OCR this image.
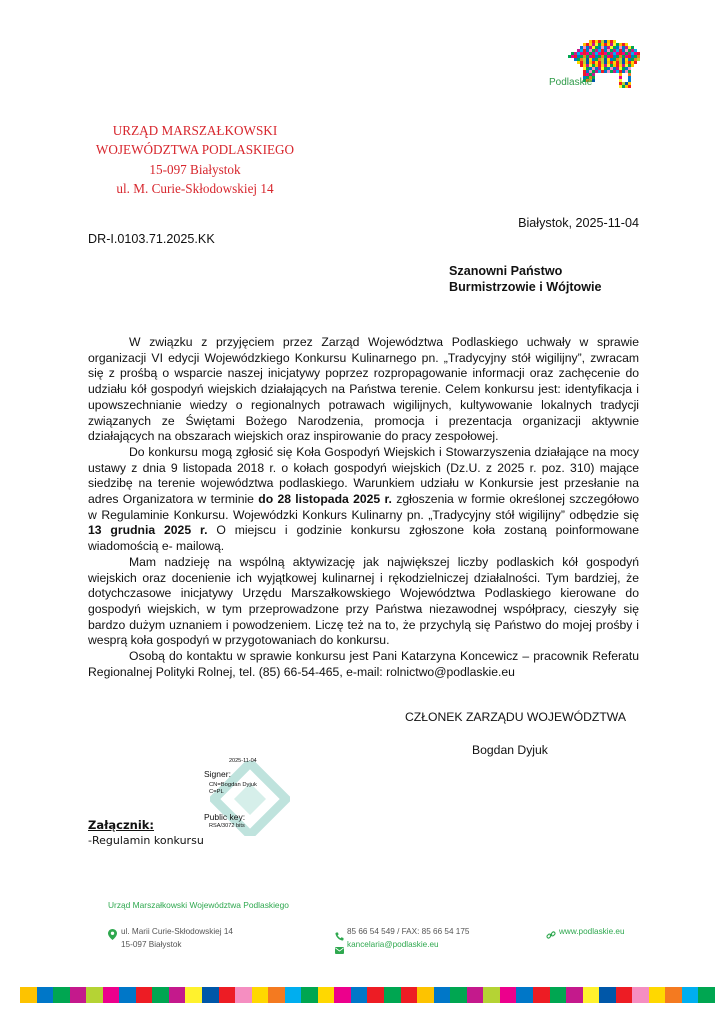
Podlaskie
URZĄD MARSZAŁKOWSKI
WOJEWÓDZTWA PODLASKIEGO
15-097 Białystok
ul. M. Curie-Skłodowskiej 14
Białystok, 2025-11-04
DR-I.0103.71.2025.KK
Szanowni Państwo
Burmistrzowie i Wójtowie

W związku z przyjęciem przez Zarząd Województwa Podlaskiego uchwały w sprawie organizacji VI edycji Wojewódzkiego Konkursu Kulinarnego pn. „Tradycyjny stół wigilijny”, zwracam się z prośbą o wsparcie naszej inicjatywy poprzez rozpropagowanie informacji oraz zachęcenie do udziału kół gospodyń wiejskich działających na Państwa terenie. Celem konkursu jest: identyfikacja i upowszechnianie wiedzy o regionalnych potrawach wigilijnych, kultywowanie lokalnych tradycji związanych ze Świętami Bożego Narodzenia, promocja i prezentacja organizacji aktywnie działających na obszarach wiejskich oraz inspirowanie do pracy zespołowej.

Do konkursu mogą zgłosić się Koła Gospodyń Wiejskich i Stowarzyszenia działające na mocy ustawy z dnia 9 listopada 2018 r. o kołach gospodyń wiejskich (Dz.U. z 2025 r. poz. 310) mające siedzibę na terenie województwa podlaskiego. Warunkiem udziału w Konkursie jest przesłanie na adres Organizatora w terminie do 28 listopada 2025 r. zgłoszenia w formie określonej szczegółowo w Regulaminie Konkursu. Wojewódzki Konkurs Kulinarny pn. „Tradycyjny stół wigilijny” odbędzie się 13 grudnia 2025 r. O miejscu i godzinie konkursu zgłoszone koła zostaną poinformowane wiadomością e- mailową.

Mam nadzieję na wspólną aktywizację jak największej liczby podlaskich kół gospodyń wiejskich oraz docenienie ich wyjątkowej kulinarnej i rękodzielniczej działalności. Tym bardziej, że dotychczasowe inicjatywy Urzędu Marszałkowskiego Województwa Podlaskiego kierowane do gospodyń wiejskich, w tym przeprowadzone przy Państwa niezawodnej współpracy, cieszyły się bardzo dużym uznaniem i powodzeniem. Liczę też na to, że przychylą się Państwo do mojej prośby i wesprą koła gospodyń w przygotowaniach do konkursu.

Osobą do kontaktu w sprawie konkursu jest Pani Katarzyna Koncewicz – pracownik Referatu Regionalnej Polityki Rolnej, tel. (85) 66-54-465, e-mail: rolnictwo@podlaskie.eu

CZŁONEK ZARZĄDU WOJEWÓDZTWA
Bogdan Dyjuk
2025-11-04
Signer:
CN=Bogdan Dyjuk
C=PL
Public key:
RSA/3072 bits
Załącznik:
-Regulamin konkursu
Urząd Marszałkowski Województwa Podlaskiego
ul. Marii Curie-Skłodowskiej 14
15-097 Białystok
85 66 54 549 / FAX: 85 66 54 175
kancelaria@podlaskie.eu
www.podlaskie.eu
